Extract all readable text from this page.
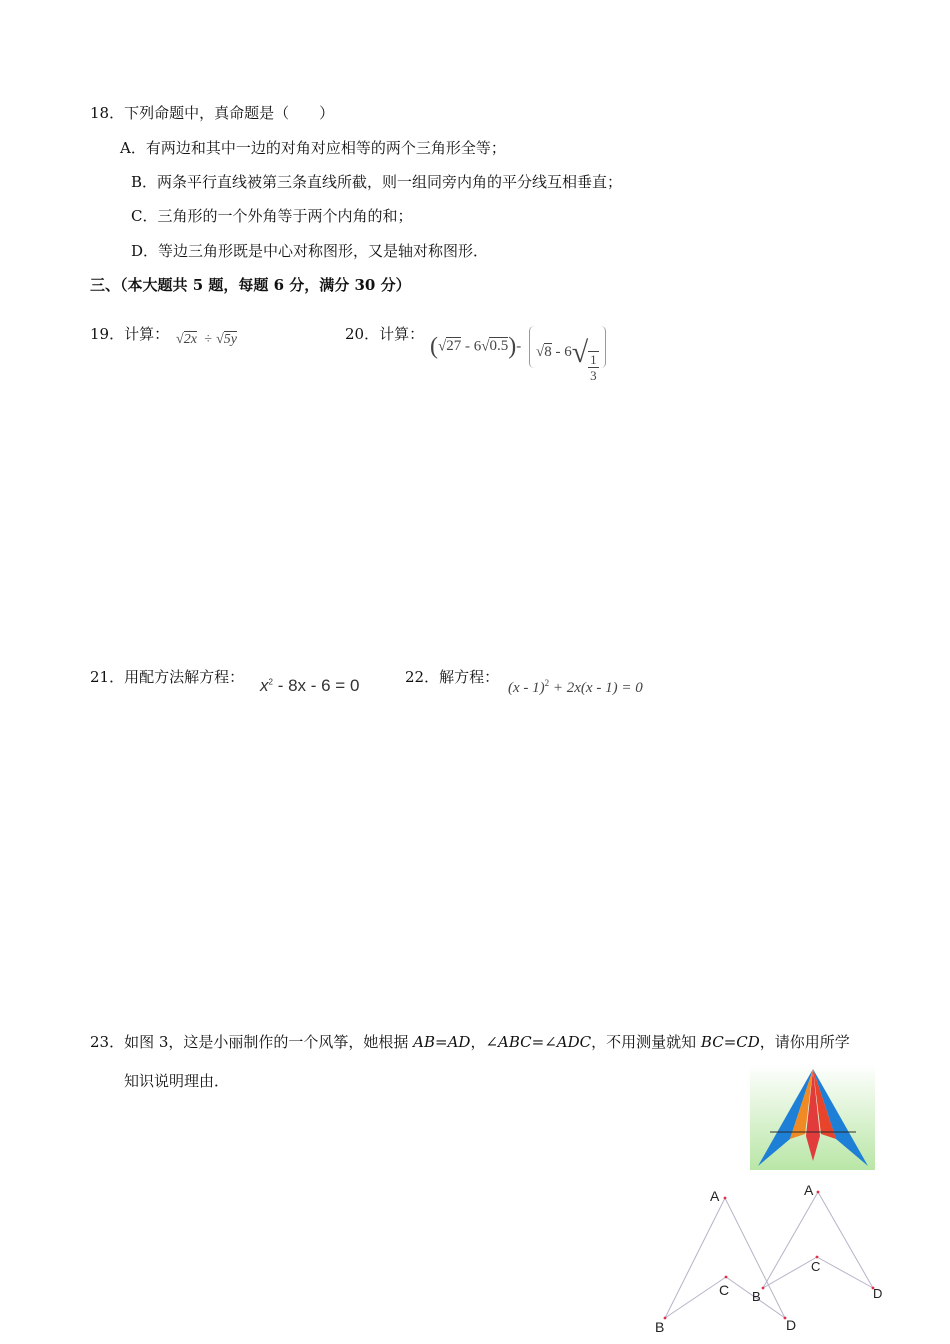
18．下列命题中，真命题是（　　）
A．有两边和其中一边的对角对应相等的两个三角形全等；
B．两条平行直线被第三条直线所截，则一组同旁内角的平分线互相垂直；
C．三角形的一个外角等于两个内角的和；
D．等边三角形既是中心对称图形，又是轴对称图形．
三、（本大题共 5 题，每题 6 分，满分 30 分）
19．计算： √2x ÷ √5y	20．计算： (√27 - 6√0.5)- $√8 - 6√ \frac{1}{3}$
21．用配方法解方程： $x^2 - 8x - 6 = 0$	22．解方程：
(x - 1)$^2$ + 2x(x - 1) = 0
23．如图 3，这是小丽制作的一个风筝，她根据 AB=AD，∠ABC=∠ADC，不用测量就知 BC=CD，请你用所学
知识说明理由．
A
B
C
D
A
B
C
D
